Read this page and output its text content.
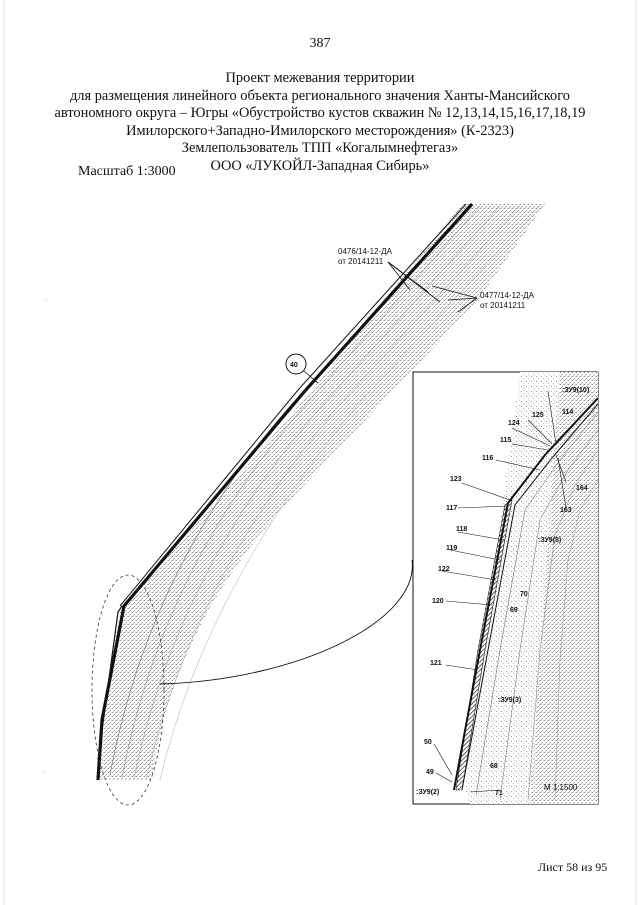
387
Проект межевания территории
для размещения линейного объекта регионального значения Ханты-Мансийского
автономного округа – Югры «Обустройство кустов скважин № 12,13,14,15,16,17,18,19
Имилорского+Западно-Имилорского месторождения» (К-2323)
Землепользователь ТПП «Когалымнефтегаз»
ООО «ЛУКОЙЛ-Западная Сибирь»
Масштаб 1:3000
0476/14-12-ДА
от 20141211
0477/14-12-ДА
от 20141211
40
:ЗУ9(10)
114
125
124
115
116
123
117
118
119
122
120
121
50
49
164
163
70
69
68
71
:ЗУ9(5)
:ЗУ9(3)
:ЗУ9(2)
М 1:1500
.
.
Лист 58 из 95
